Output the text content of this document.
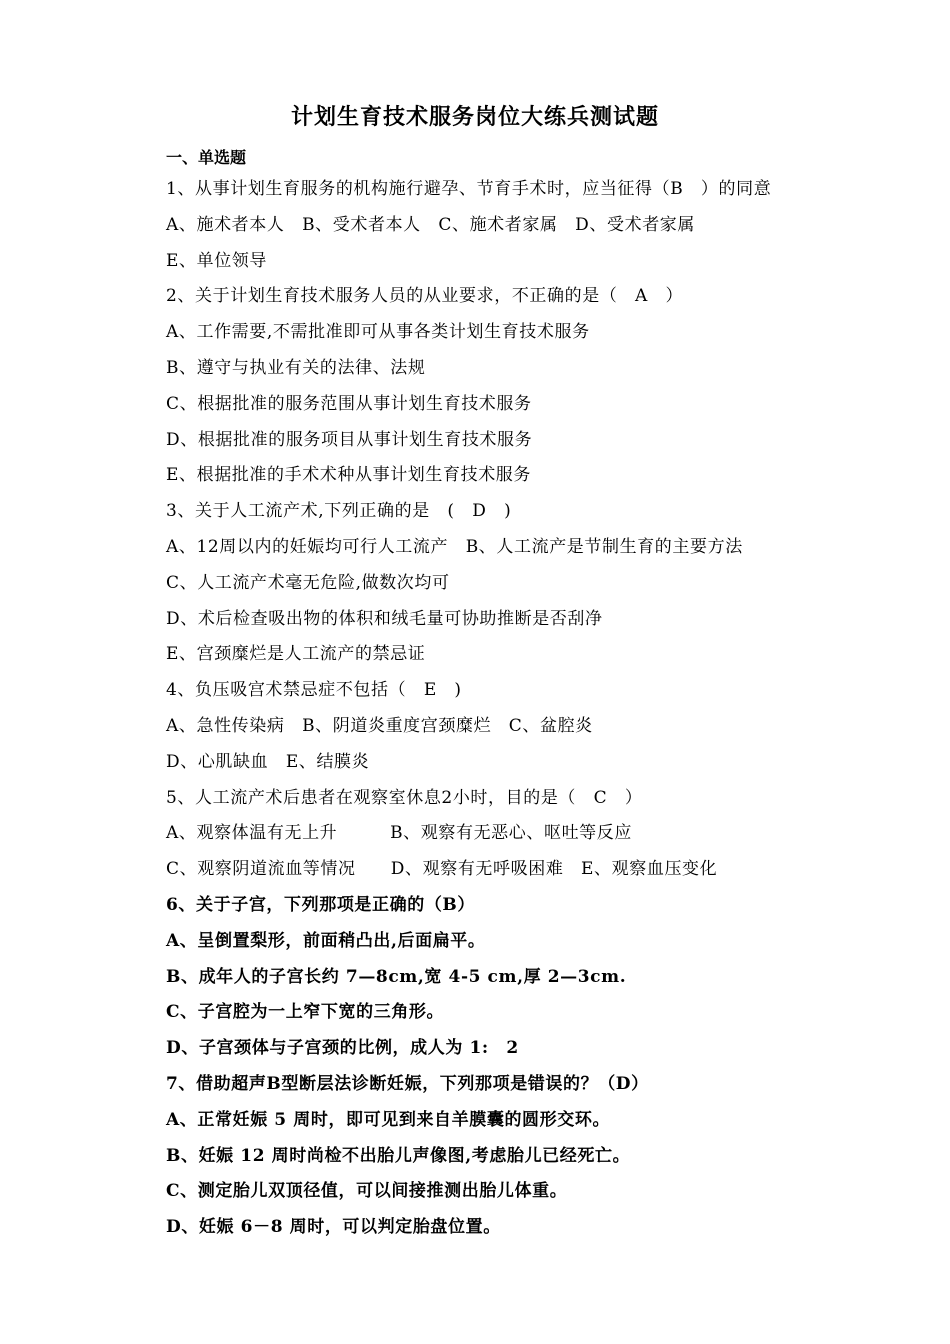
计划生育技术服务岗位大练兵测试题
一、单选题
1、从事计划生育服务的机构施行避孕、节育手术时，应当征得（B　）的同意
A、施术者本人　B、受术者本人　C、施术者家属　D、受术者家属
E、单位领导
2、关于计划生育技术服务人员的从业要求，不正确的是（　A　）
A、工作需要,不需批准即可从事各类计划生育技术服务
B、遵守与执业有关的法律、法规
C、根据批准的服务范围从事计划生育技术服务
D、根据批准的服务项目从事计划生育技术服务
E、根据批准的手术术种从事计划生育技术服务
3、关于人工流产术,下列正确的是　(　D　)
A、12周以内的妊娠均可行人工流产　B、人工流产是节制生育的主要方法
C、人工流产术毫无危险,做数次均可
D、术后检查吸出物的体积和绒毛量可协助推断是否刮净
E、宫颈糜烂是人工流产的禁忌证
4、负压吸宫术禁忌症不包括（　E　)
A、急性传染病　B、阴道炎重度宫颈糜烂　C、盆腔炎
D、心肌缺血　E、结膜炎
5、人工流产术后患者在观察室休息2小时，目的是（　C　）
A、观察体温有无上升　　　B、观察有无恶心、呕吐等反应
C、观察阴道流血等情况　　D、观察有无呼吸困难　E、观察血压变化
6、关于子宫，下列那项是正确的（B）
A、呈倒置梨形，前面稍凸出,后面扁平。
B、成年人的子宫长约 7—8cm,宽 4-5 cm,厚 2—3cm.
C、子宫腔为一上窄下宽的三角形。
D、子宫颈体与子宫颈的比例，成人为 1:　2
7、借助超声B型断层法诊断妊娠，下列那项是错误的？（D）
A、正常妊娠 5 周时，即可见到来自羊膜囊的圆形交环。
B、妊娠 12 周时尚检不出胎儿声像图,考虑胎儿已经死亡。
C、测定胎儿双顶径值，可以间接推测出胎儿体重。
D、妊娠 6－8 周时，可以判定胎盘位置。
